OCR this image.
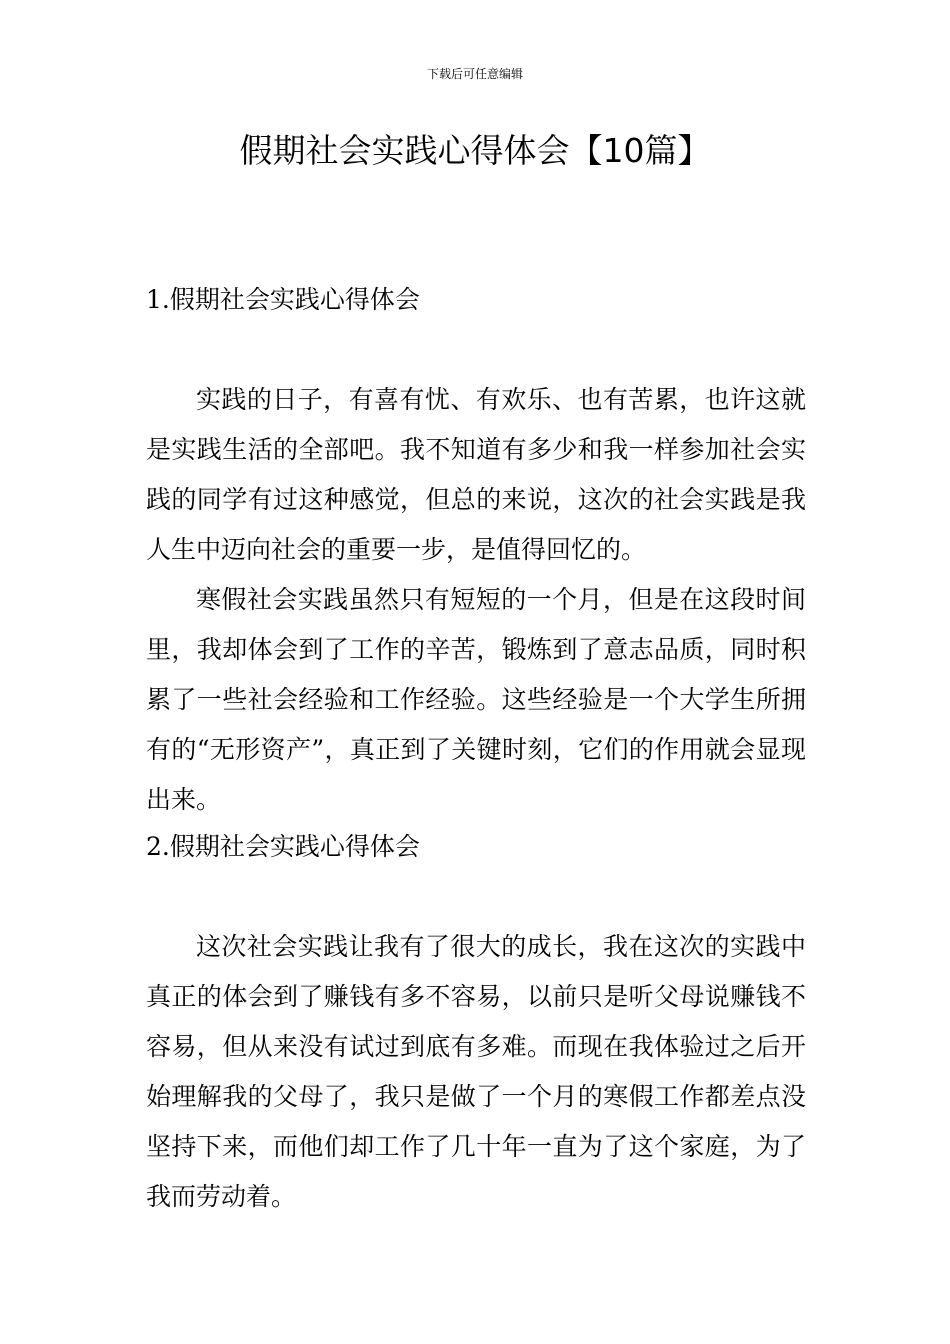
下载后可任意编辑
假期社会实践心得体会【10篇】
1.假期社会实践心得体会

实践的日子，有喜有忧、有欢乐、也有苦累，也许这就是实践生活的全部吧。我不知道有多少和我一样参加社会实践的同学有过这种感觉，但总的来说，这次的社会实践是我人生中迈向社会的重要一步，是值得回忆的。

寒假社会实践虽然只有短短的一个月，但是在这段时间里，我却体会到了工作的辛苦，锻炼到了意志品质，同时积累了一些社会经验和工作经验。这些经验是一个大学生所拥有的“无形资产”，真正到了关键时刻，它们的作用就会显现出来。

2.假期社会实践心得体会

这次社会实践让我有了很大的成长，我在这次的实践中真正的体会到了赚钱有多不容易，以前只是听父母说赚钱不容易，但从来没有试过到底有多难。而现在我体验过之后开始理解我的父母了，我只是做了一个月的寒假工作都差点没坚持下来，而他们却工作了几十年一直为了这个家庭，为了我而劳动着。
